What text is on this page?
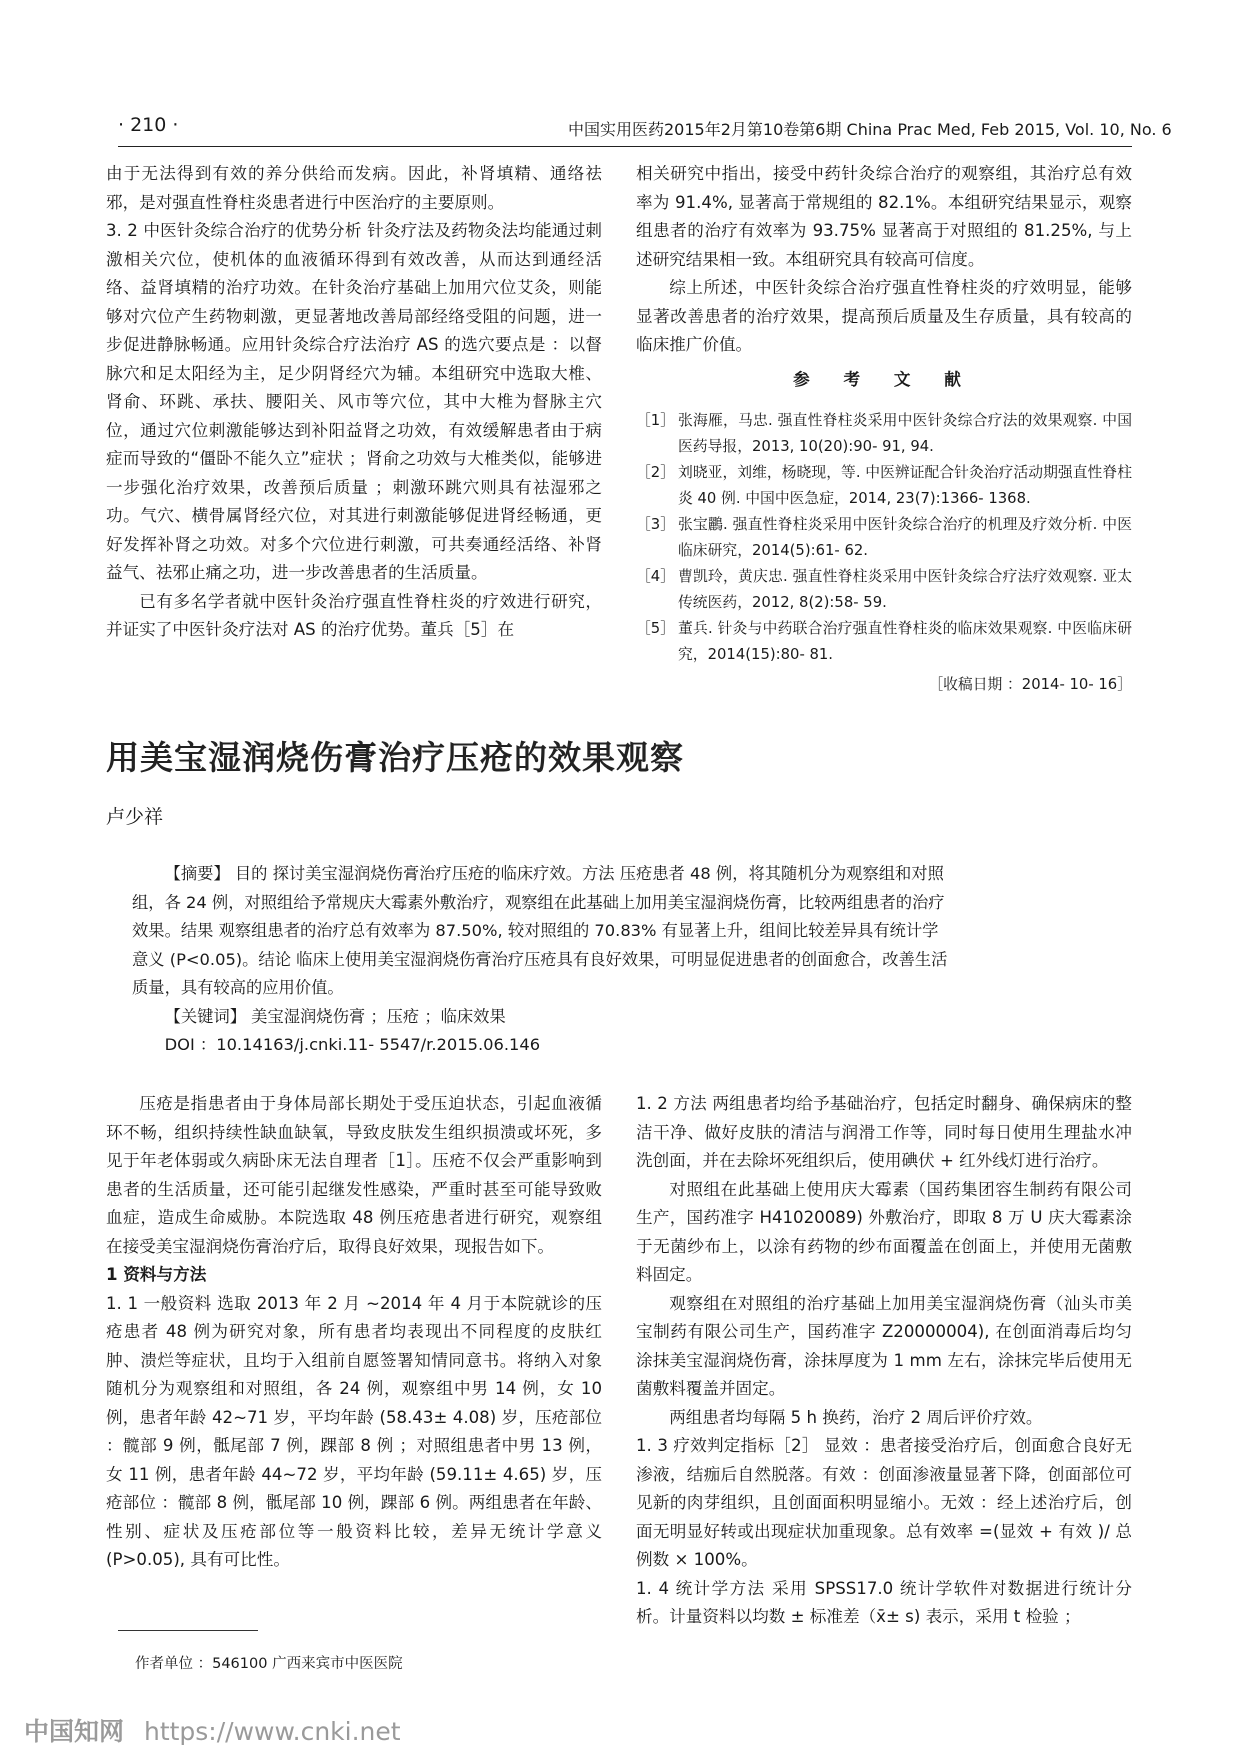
· 210 ·	中国实用医药2015年2月第10卷第6期 China Prac Med, Feb 2015, Vol. 10, No. 6

由于无法得到有效的养分供给而发病。因此，补肾填精、通络祛邪，是对强直性脊柱炎患者进行中医治疗的主要原则。

3. 2 中医针灸综合治疗的优势分析 针灸疗法及药物灸法均能通过刺激相关穴位，使机体的血液循环得到有效改善，从而达到通经活络、益肾填精的治疗功效。在针灸治疗基础上加用穴位艾灸，则能够对穴位产生药物刺激，更显著地改善局部经络受阻的问题，进一步促进静脉畅通。应用针灸综合疗法治疗 AS 的选穴要点是 ：以督脉穴和足太阳经为主，足少阴肾经穴为辅。本组研究中选取大椎、肾俞、环跳、承扶、腰阳关、风市等穴位，其中大椎为督脉主穴位，通过穴位刺激能够达到补阳益肾之功效，有效缓解患者由于病症而导致的“僵卧不能久立”症状 ；肾俞之功效与大椎类似，能够进一步强化治疗效果，改善预后质量 ；刺激环跳穴则具有祛湿邪之功。气穴、横骨属肾经穴位，对其进行刺激能够促进肾经畅通，更好发挥补肾之功效。对多个穴位进行刺激，可共奏通经活络、补肾益气、祛邪止痛之功，进一步改善患者的生活质量。

已有多名学者就中医针灸治疗强直性脊柱炎的疗效进行研究，并证实了中医针灸疗法对 AS 的治疗优势。董兵［5］在

相关研究中指出，接受中药针灸综合治疗的观察组，其治疗总有效率为 91.4%, 显著高于常规组的 82.1%。本组研究结果显示，观察组患者的治疗有效率为 93.75% 显著高于对照组的 81.25%, 与上述研究结果相一致。本组研究具有较高可信度。

综上所述，中医针灸综合治疗强直性脊柱炎的疗效明显，能够显著改善患者的治疗效果，提高预后质量及生存质量，具有较高的临床推广价值。

参 考 文 献
［1］ 张海雁，马忠. 强直性脊柱炎采用中医针灸综合疗法的效果观察. 中国医药导报，2013, 10(20):90- 91, 94.
［2］ 刘晓亚，刘维，杨晓现，等. 中医辨证配合针灸治疗活动期强直性脊柱炎 40 例. 中国中医急症，2014, 23(7):1366- 1368.
［3］ 张宝鸝. 强直性脊柱炎采用中医针灸综合治疗的机理及疗效分析. 中医临床研究，2014(5):61- 62.
［4］ 曹凯玲，黄庆忠. 强直性脊柱炎采用中医针灸综合疗法疗效观察. 亚太传统医药，2012, 8(2):58- 59.
［5］ 董兵. 针灸与中药联合治疗强直性脊柱炎的临床效果观察. 中医临床研究，2014(15):80- 81.
［收稿日期 ：2014- 10- 16］
用美宝湿润烧伤膏治疗压疮的效果观察
卢少祥

【摘要】 目的 探讨美宝湿润烧伤膏治疗压疮的临床疗效。方法 压疮患者 48 例，将其随机分为观察组和对照组，各 24 例，对照组给予常规庆大霉素外敷治疗，观察组在此基础上加用美宝湿润烧伤膏，比较两组患者的治疗效果。结果 观察组患者的治疗总有效率为 87.50%, 较对照组的 70.83% 有显著上升，组间比较差异具有统计学意义 (P<0.05)。结论 临床上使用美宝湿润烧伤膏治疗压疮具有良好效果，可明显促进患者的创面愈合，改善生活质量，具有较高的应用价值。

【关键词】 美宝湿润烧伤膏 ；压疮 ；临床效果

DOI ：10.14163/j.cnki.11- 5547/r.2015.06.146

压疮是指患者由于身体局部长期处于受压迫状态，引起血液循环不畅，组织持续性缺血缺氧，导致皮肤发生组织损溃或坏死，多见于年老体弱或久病卧床无法自理者［1］。压疮不仅会严重影响到患者的生活质量，还可能引起继发性感染，严重时甚至可能导致败血症，造成生命威胁。本院选取 48 例压疮患者进行研究，观察组在接受美宝湿润烧伤膏治疗后，取得良好效果，现报告如下。

1 资料与方法

1. 1 一般资料 选取 2013 年 2 月 ~2014 年 4 月于本院就诊的压疮患者 48 例为研究对象，所有患者均表现出不同程度的皮肤红肿、溃烂等症状，且均于入组前自愿签署知情同意书。将纳入对象随机分为观察组和对照组，各 24 例，观察组中男 14 例，女 10 例，患者年龄 42~71 岁，平均年龄 (58.43± 4.08) 岁，压疮部位 ：髋部 9 例，骶尾部 7 例，踝部 8 例 ；对照组患者中男 13 例，女 11 例，患者年龄 44~72 岁，平均年龄 (59.11± 4.65) 岁，压疮部位 ：髋部 8 例，骶尾部 10 例，踝部 6 例。两组患者在年龄、性别、症状及压疮部位等一般资料比较，差异无统计学意义 (P>0.05), 具有可比性。

1. 2 方法 两组患者均给予基础治疗，包括定时翻身、确保病床的整洁干净、做好皮肤的清洁与润滑工作等，同时每日使用生理盐水冲洗创面，并在去除坏死组织后，使用碘伏 + 红外线灯进行治疗。

对照组在此基础上使用庆大霉素（国药集团容生制药有限公司生产，国药准字 H41020089) 外敷治疗，即取 8 万 U 庆大霉素涂于无菌纱布上，以涂有药物的纱布面覆盖在创面上，并使用无菌敷料固定。

观察组在对照组的治疗基础上加用美宝湿润烧伤膏（汕头市美宝制药有限公司生产，国药准字 Z20000004), 在创面消毒后均匀涂抹美宝湿润烧伤膏，涂抹厚度为 1 mm 左右，涂抹完毕后使用无菌敷料覆盖并固定。

两组患者均每隔 5 h 换药，治疗 2 周后评价疗效。

1. 3 疗效判定指标［2］ 显效 ：患者接受治疗后，创面愈合良好无渗液，结痂后自然脱落。有效 ：创面渗液量显著下降，创面部位可见新的肉芽组织，且创面面积明显缩小。无效 ：经上述治疗后，创面无明显好转或出现症状加重现象。总有效率 =(显效 + 有效 )/ 总例数 × 100%。

1. 4 统计学方法 采用 SPSS17.0 统计学软件对数据进行统计分析。计量资料以均数 ± 标准差（x̄± s) 表示，采用 t 检验 ；

作者单位 ：546100 广西来宾市中医医院
中国知网 https://www.cnki.net
